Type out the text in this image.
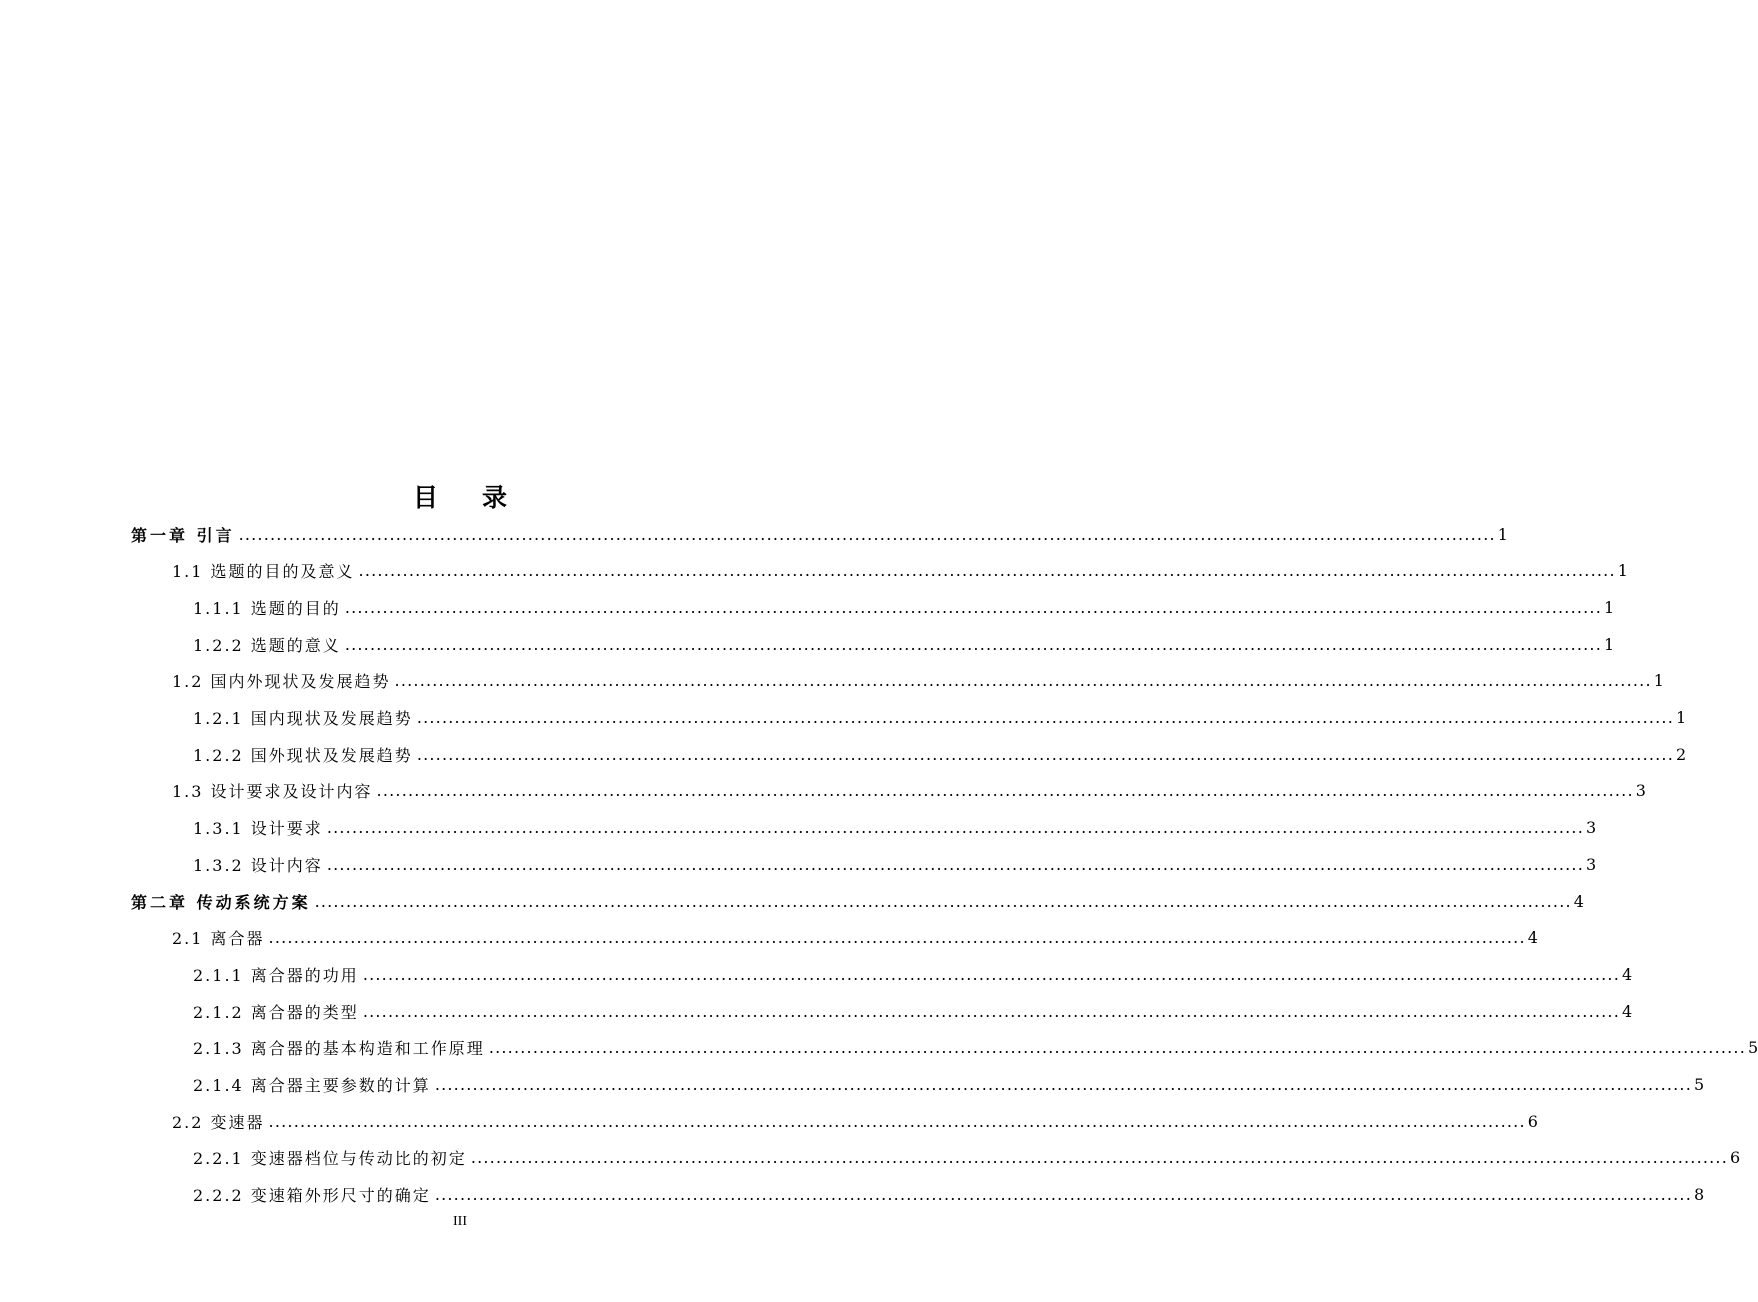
目 录
第一章 引言 ........................................................................................................................................................................................................ 1
1.1 选题的目的及意义 ........................................................................................................................................................................................................ 1
1.1.1 选题的目的 ........................................................................................................................................................................................................ 1
1.2.2 选题的意义 ........................................................................................................................................................................................................ 1
1.2 国内外现状及发展趋势 ........................................................................................................................................................................................................ 1
1.2.1 国内现状及发展趋势 ........................................................................................................................................................................................................ 1
1.2.2 国外现状及发展趋势 ........................................................................................................................................................................................................ 2
1.3 设计要求及设计内容 ........................................................................................................................................................................................................ 3
1.3.1 设计要求 ........................................................................................................................................................................................................ 3
1.3.2 设计内容 ........................................................................................................................................................................................................ 3
第二章 传动系统方案 ........................................................................................................................................................................................................ 4
2.1 离合器 ........................................................................................................................................................................................................ 4
2.1.1 离合器的功用 ........................................................................................................................................................................................................ 4
2.1.2 离合器的类型 ........................................................................................................................................................................................................ 4
2.1.3 离合器的基本构造和工作原理 ........................................................................................................................................................................................................ 5
2.1.4 离合器主要参数的计算 ........................................................................................................................................................................................................ 5
2.2 变速器 ........................................................................................................................................................................................................ 6
2.2.1 变速器档位与传动比的初定 ........................................................................................................................................................................................................ 6
2.2.2 变速箱外形尺寸的确定 ........................................................................................................................................................................................................ 8
III
